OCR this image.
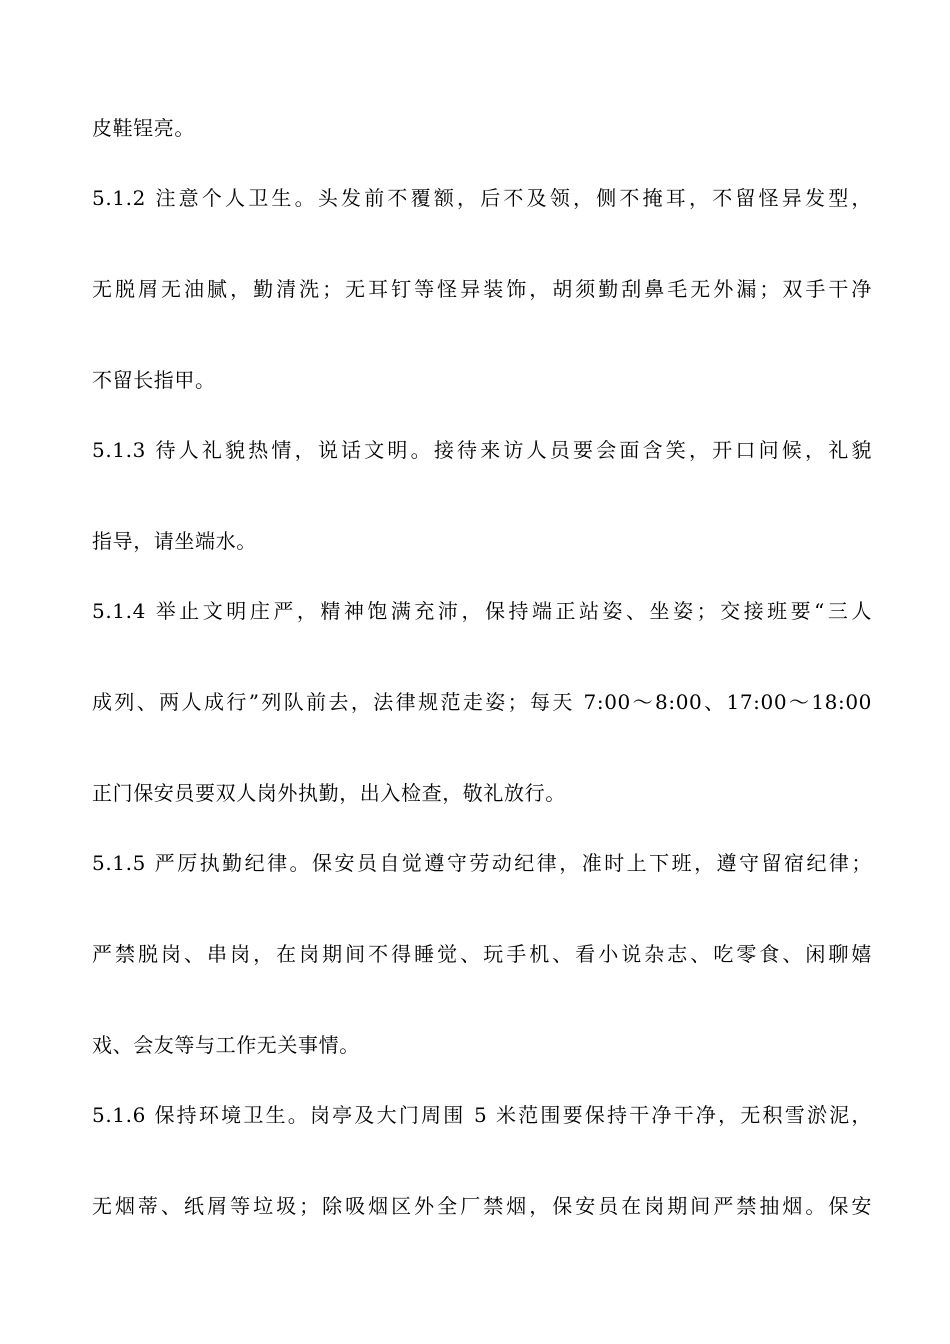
皮鞋锃亮。
5.1.2 注意个人卫生。头发前不覆额，后不及领，侧不掩耳，不留怪异发型，
无脱屑无油腻，勤清洗；无耳钉等怪异装饰，胡须勤刮鼻毛无外漏；双手干净
不留长指甲。
5.1.3 待人礼貌热情，说话文明。接待来访人员要会面含笑，开口问候，礼貌
指导，请坐端水。
5.1.4 举止文明庄严，精神饱满充沛，保持端正站姿、坐姿；交接班要“三人
成列、两人成行”列队前去，法律规范走姿；每天 7:00～8:00、17:00～18:00
正门保安员要双人岗外执勤，出入检查，敬礼放行。
5.1.5 严厉执勤纪律。保安员自觉遵守劳动纪律，准时上下班，遵守留宿纪律；
严禁脱岗、串岗，在岗期间不得睡觉、玩手机、看小说杂志、吃零食、闲聊嬉
戏、会友等与工作无关事情。
5.1.6 保持环境卫生。岗亭及大门周围 5 米范围要保持干净干净，无积雪淤泥，
无烟蒂、纸屑等垃圾；除吸烟区外全厂禁烟，保安员在岗期间严禁抽烟。保安
